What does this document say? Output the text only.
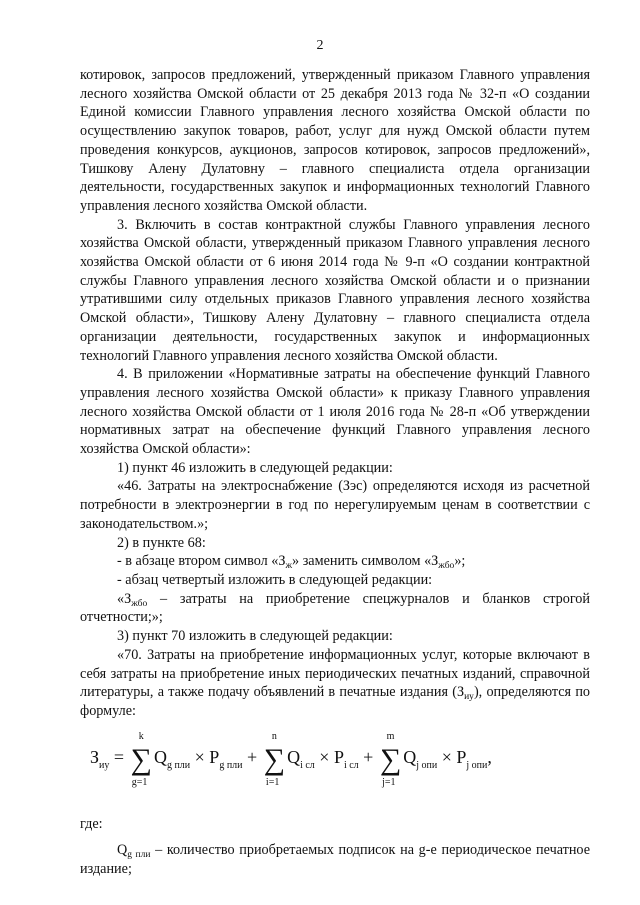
2

котировок, запросов предложений, утвержденный приказом Главного управления лесного хозяйства Омской области от 25 декабря 2013 года № 32-п «О создании Единой комиссии Главного управления лесного хозяйства Омской области по осуществлению закупок товаров, работ, услуг для нужд Омской области путем проведения конкурсов, аукционов, запросов котировок, запросов предложений», Тишкову Алену Дулатовну – главного специалиста отдела организации деятельности, государственных закупок и информационных технологий Главного управления лесного хозяйства Омской области.

3. Включить в состав контрактной службы Главного управления лесного хозяйства Омской области, утвержденный приказом Главного управления лесного хозяйства Омской области от 6 июня 2014 года № 9-п «О создании контрактной службы Главного управления лесного хозяйства Омской области и о признании утратившими силу отдельных приказов Главного управления лесного хозяйства Омской области», Тишкову Алену Дулатовну – главного специалиста отдела организации деятельности, государственных закупок и информационных технологий Главного управления лесного хозяйства Омской области.

4. В приложении «Нормативные затраты на обеспечение функций Главного управления лесного хозяйства Омской области» к приказу Главного управления лесного хозяйства Омской области от 1 июля 2016 года № 28-п «Об утверждении нормативных затрат на обеспечение функций Главного управления лесного хозяйства Омской области»:

1) пункт 46 изложить в следующей редакции:

«46. Затраты на электроснабжение (Зэс) определяются исходя из расчетной потребности в электроэнергии в год по нерегулируемым ценам в соответствии с законодательством.»;

2) в пункте 68:

- в абзаце втором символ «$З_ж$» заменить символом «$З_{жбо}$»;

- абзац четвертый изложить в следующей редакции:

«$З_{жбо}$ – затраты на приобретение спецжурналов и бланков строгой отчетности;»;

3) пункт 70 изложить в следующей редакции:

«70. Затраты на приобретение информационных услуг, которые включают в себя затраты на приобретение иных периодических печатных изданий, справочной литературы, а также подачу объявлений в печатные издания $(З_{иу})$, определяются по формуле:

$З_{иу}$ = ∑
k
g=1
$Q_{g пли} \times P_{g пли}$ + ∑
n
i=1
$Q_{i сл} \times P_{i сл}$ + ∑
m
j=1
$Q_{j опи} \times P_{j опи}$,

где:

$Q_{g пли}$ – количество приобретаемых подписок на g-е периодическое печатное издание;
